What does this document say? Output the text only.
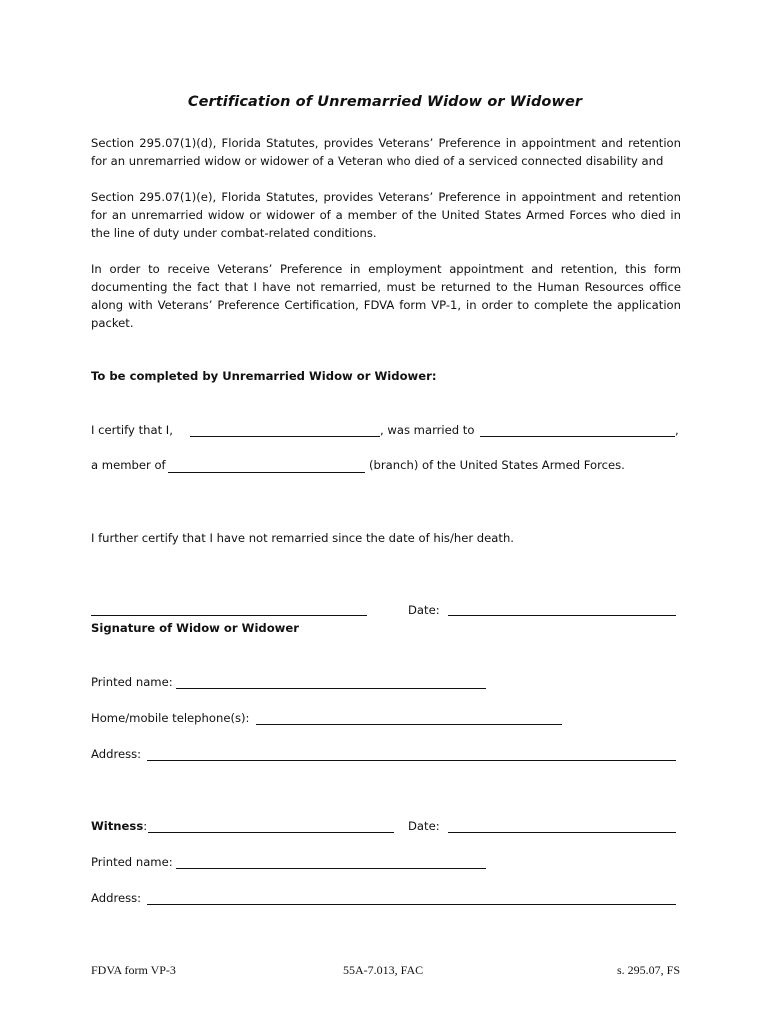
Certification of Unremarried Widow or Widower
Section 295.07(1)(d), Florida Statutes, provides Veterans’ Preference in appointment and retention for an unremarried widow or widower of a Veteran who died of a serviced connected disability and
Section 295.07(1)(e), Florida Statutes, provides Veterans’ Preference in appointment and retention for an unremarried widow or widower of a member of the United States Armed Forces who died in the line of duty under combat-related conditions.
In order to receive Veterans’ Preference in employment appointment and retention, this form documenting the fact that I have not remarried, must be returned to the Human Resources office along with Veterans’ Preference Certification, FDVA form VP-1, in order to complete the application packet.
To be completed by Unremarried Widow or Widower:
I certify that I,	, was married to	,
a member of	(branch) of the United States Armed Forces.
I further certify that I have not remarried since the date of his/her death.
Date:
Signature of Widow or Widower
Printed name:
Home/mobile telephone(s):
Address:
Witness:	Date:
Printed name:
Address:
FDVA form VP-3	55A-7.013, FAC	s. 295.07, FS
